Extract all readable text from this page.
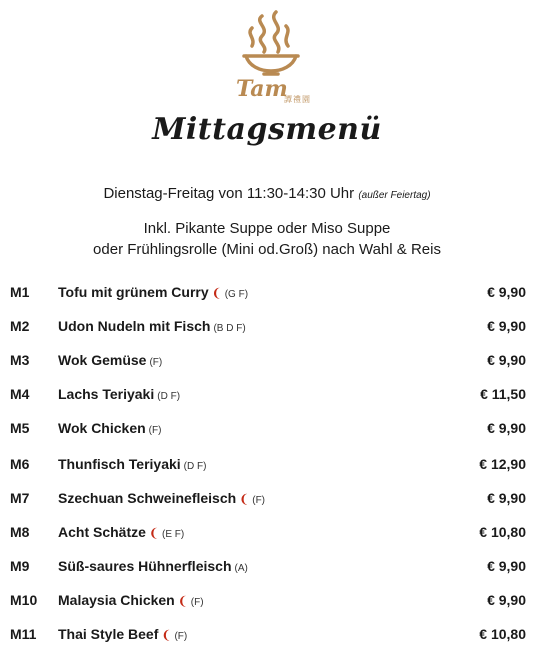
Tam
譚禮園
Mittagsmenü
Dienstag-Freitag von 11:30-14:30 Uhr (außer Feiertag)
Inkl. Pikante Suppe oder Miso Suppe
oder Frühlingsrolle (Mini od.Groß) nach Wahl & Reis
M1 Tofu mit grünem Curry ❨ (G F)	€ 9,90
M2 Udon Nudeln mit Fisch (B D F)	€ 9,90
M3 Wok Gemüse (F)	€ 9,90
M4 Lachs Teriyaki (D F)	€ 11,50
M5 Wok Chicken (F)	€ 9,90
M6 Thunfisch Teriyaki (D F)	€ 12,90
M7 Szechuan Schweinefleisch ❨ (F)	€ 9,90
M8 Acht Schätze ❨ (E F)	€ 10,80
M9 Süß-saures Hühnerfleisch (A)	€ 9,90
M10 Malaysia Chicken ❨ (F)	€ 9,90
M11 Thai Style Beef ❨ (F)	€ 10,80
